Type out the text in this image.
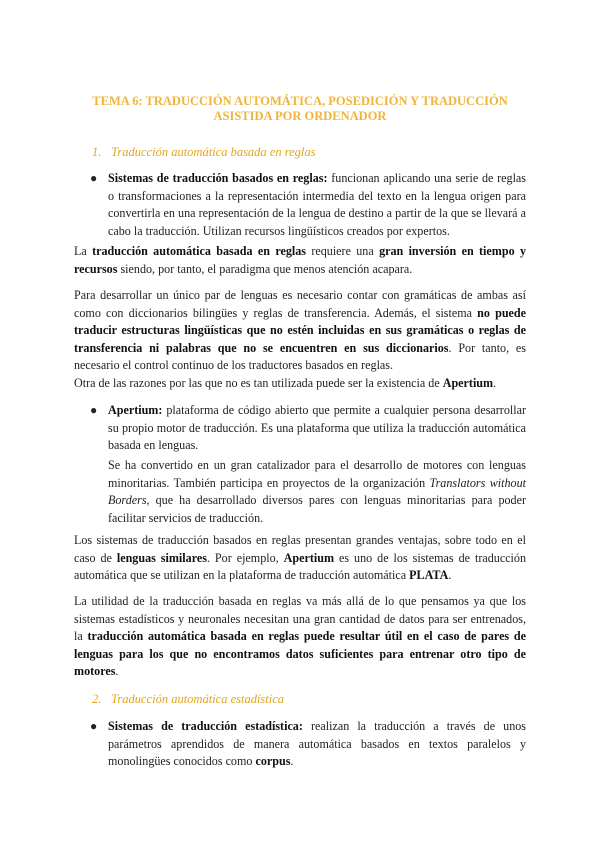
TEMA 6: TRADUCCIÓN AUTOMÁTICA, POSEDICIÓN Y TRADUCCIÓN ASISTIDA POR ORDENADOR
1. Traducción automática basada en reglas
● Sistemas de traducción basados en reglas: funcionan aplicando una serie de reglas o transformaciones a la representación intermedia del texto en la lengua origen para convertirla en una representación de la lengua de destino a partir de la que se llevará a cabo la traducción. Utilizan recursos lingüísticos creados por expertos.
La traducción automática basada en reglas requiere una gran inversión en tiempo y recursos siendo, por tanto, el paradigma que menos atención acapara.
Para desarrollar un único par de lenguas es necesario contar con gramáticas de ambas así como con diccionarios bilingües y reglas de transferencia. Además, el sistema no puede traducir estructuras lingüísticas que no estén incluidas en sus gramáticas o reglas de transferencia ni palabras que no se encuentren en sus diccionarios. Por tanto, es necesario el control continuo de los traductores basados en reglas.
Otra de las razones por las que no es tan utilizada puede ser la existencia de Apertium.
● Apertium: plataforma de código abierto que permite a cualquier persona desarrollar su propio motor de traducción. Es una plataforma que utiliza la traducción automática basada en lenguas.
Se ha convertido en un gran catalizador para el desarrollo de motores con lenguas minoritarias. También participa en proyectos de la organización Translators without Borders, que ha desarrollado diversos pares con lenguas minoritarias para poder facilitar servicios de traducción.
Los sistemas de traducción basados en reglas presentan grandes ventajas, sobre todo en el caso de lenguas similares. Por ejemplo, Apertium es uno de los sistemas de traducción automática que se utilizan en la plataforma de traducción automática PLATA.
La utilidad de la traducción basada en reglas va más allá de lo que pensamos ya que los sistemas estadísticos y neuronales necesitan una gran cantidad de datos para ser entrenados, la traducción automática basada en reglas puede resultar útil en el caso de pares de lenguas para los que no encontramos datos suficientes para entrenar otro tipo de motores.
2. Traducción automática estadística
● Sistemas de traducción estadística: realizan la traducción a través de unos parámetros aprendidos de manera automática basados en textos paralelos y monolingües conocidos como corpus.
